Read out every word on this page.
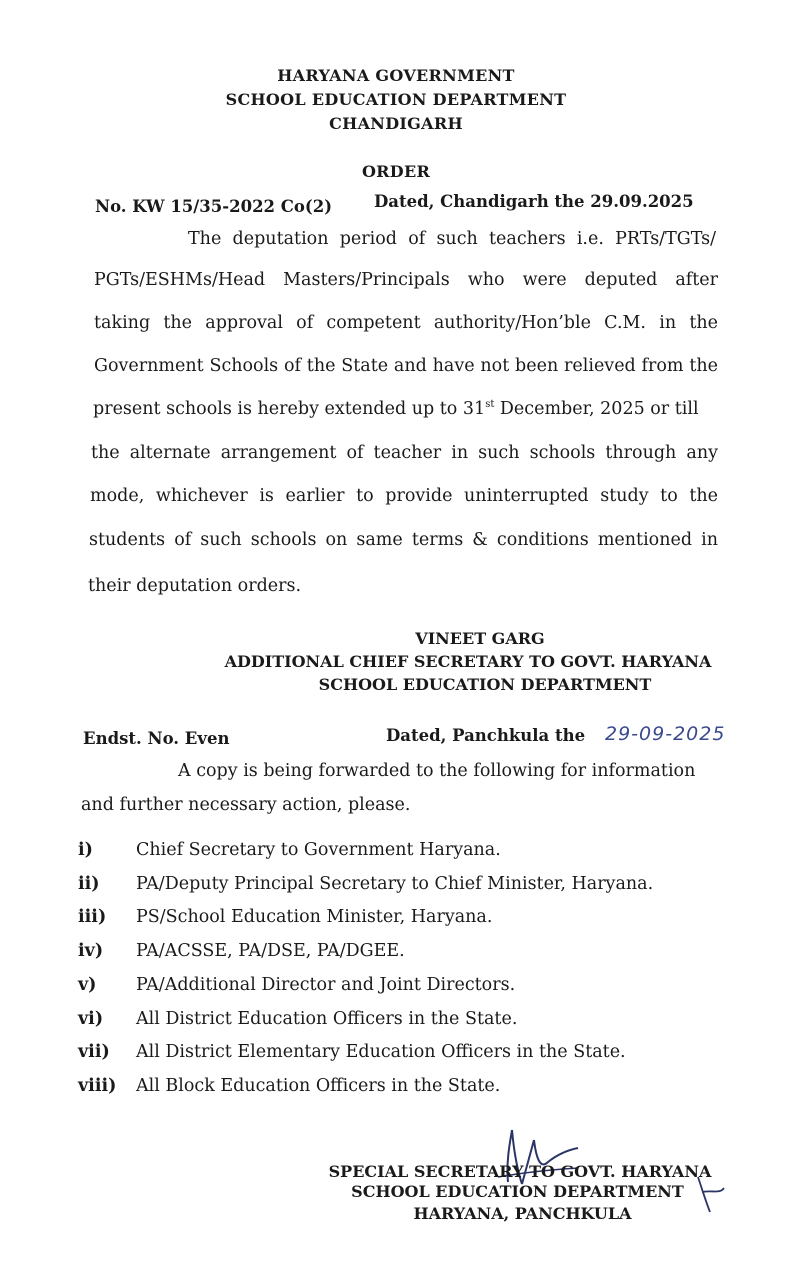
HARYANA GOVERNMENT
SCHOOL EDUCATION DEPARTMENT
CHANDIGARH
ORDER
No. KW 15/35-2022 Co(2)	Dated, Chandigarh the 29.09.2025
The deputation period of such teachers i.e. PRTs/TGTs/
PGTs/ESHMs/Head Masters/Principals who were deputed after
taking the approval of competent authority/Hon’ble C.M. in the
Government Schools of the State and have not been relieved from the
present schools is hereby extended up to 31st December, 2025 or till
the alternate arrangement of teacher in such schools through any
mode, whichever is earlier to provide uninterrupted study to the
students of such schools on same terms & conditions mentioned in
their deputation orders.
VINEET GARG
ADDITIONAL CHIEF SECRETARY TO GOVT. HARYANA
SCHOOL EDUCATION DEPARTMENT
Endst. No. Even	Dated, Panchkula the 29-09-2025
A copy is being forwarded to the following for information
and further necessary action, please.
i) Chief Secretary to Government Haryana.
ii) PA/Deputy Principal Secretary to Chief Minister, Haryana.
iii) PS/School Education Minister, Haryana.
iv) PA/ACSSE, PA/DSE, PA/DGEE.
v) PA/Additional Director and Joint Directors.
vi) All District Education Officers in the State.
vii) All District Elementary Education Officers in the State.
viii) All Block Education Officers in the State.
SPECIAL SECRETARY TO GOVT. HARYANA
SCHOOL EDUCATION DEPARTMENT
HARYANA, PANCHKULA
